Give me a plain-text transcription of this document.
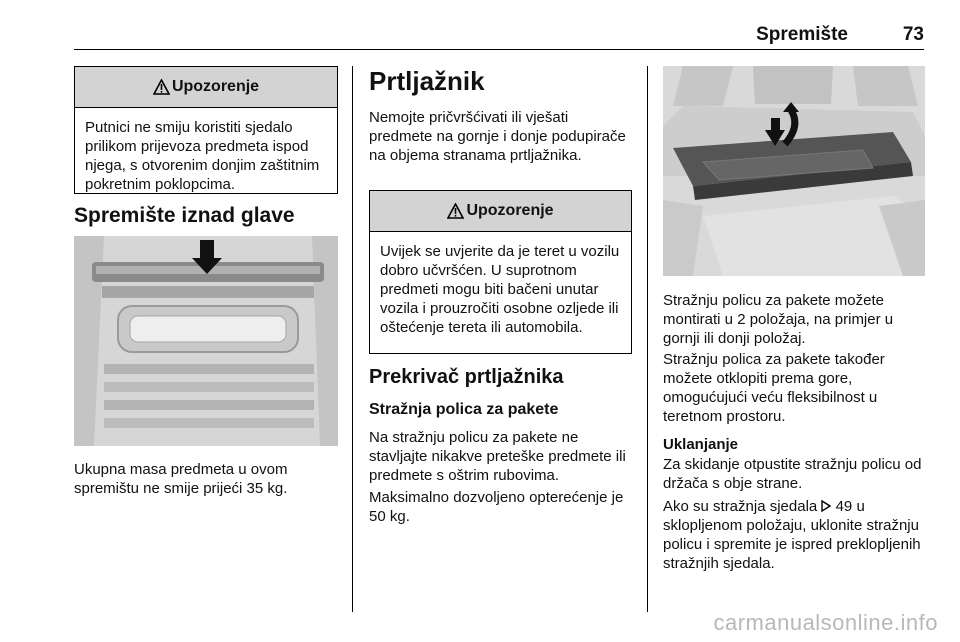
Spremište	73
Upozorenje
Putnici ne smiju koristiti sjedalo prilikom prijevoza predmeta ispod njega, s otvorenim donjim zaštitnim pokretnim poklopcima.
Spremište iznad glave
Ukupna masa predmeta u ovom spremištu ne smije prijeći 35 kg.
Prtljažnik
Nemojte pričvršćivati ili vješati predmete na gornje i donje podupirače na objema stranama prtljažnika.
Upozorenje
Uvijek se uvjerite da je teret u vozilu dobro učvršćen. U suprotnom predmeti mogu biti bačeni unutar vozila i prouzročiti osobne ozljede ili oštećenje tereta ili automobila.
Prekrivač prtljažnika
Stražnja polica za pakete
Na stražnju policu za pakete ne stavljajte nikakve preteške predmete ili predmete s oštrim rubovima.
Maksimalno dozvoljeno opterećenje je 50 kg.
Stražnju policu za pakete možete montirati u 2 položaja, na primjer u gornji ili donji položaj.
Stražnju polica za pakete također možete otklopiti prema gore, omogućujući veću fleksibilnost u teretnom prostoru.
Uklanjanje
Za skidanje otpustite stražnju policu od držača s obje strane.
Ako su stražnja sjedala 49 u sklopljenom položaju, uklonite stražnju policu i spremite je ispred preklopljenih stražnjih sjedala.
carmanualsonline.info
